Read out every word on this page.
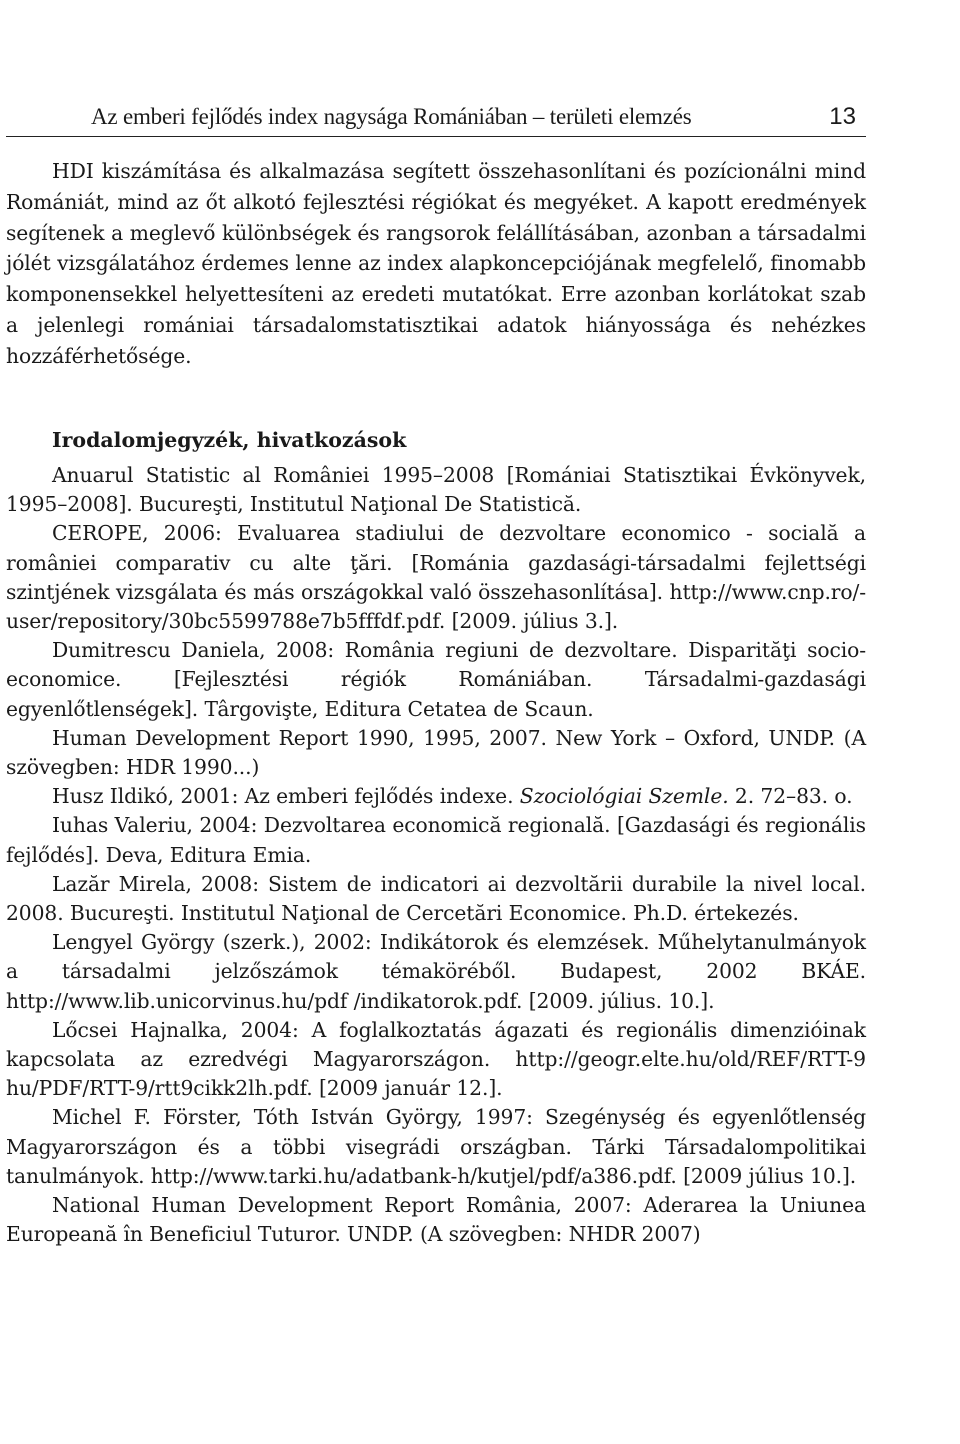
Az emberi fejlődés index nagysága Romániában – területi elemzés	13

HDI kiszámítása és alkalmazása segített összehasonlítani és pozícionálni mind Romániát, mind az őt alkotó fejlesztési régiókat és megyéket. A kapott eredmények segítenek a meglevő különbségek és rangsorok felállításában, azonban a társadalmi jólét vizsgálatához érdemes lenne az index alapkoncepciójának megfelelő, finomabb komponensekkel helyettesíteni az eredeti mutatókat. Erre azonban korlátokat szab a jelenlegi romániai társadalomstatisztikai adatok hiányossága és nehézkes hozzáférhetősége.

Irodalomjegyzék, hivatkozások

Anuarul Statistic al României 1995–2008 [Romániai Statisztikai Évkönyvek, 1995–2008]. Bucureşti, Institutul Naţional De Statistică.

CEROPE, 2006: Evaluarea stadiului de dezvoltare economico - socială a româniei comparativ cu alte ţări. [Románia gazdasági-társadalmi fejlettségi szintjének vizsgálata és más országokkal való összehasonlítása]. http://www.cnp.ro/-user/repository/30bc5599788e7b5fffdf.pdf. [2009. július 3.].

Dumitrescu Daniela, 2008: România regiuni de dezvoltare. Disparităţi socio-economice. [Fejlesztési régiók Romániában. Társadalmi-gazdasági egyenlőtlenségek]. Târgovişte, Editura Cetatea de Scaun.

Human Development Report 1990, 1995, 2007. New York – Oxford, UNDP. (A szövegben: HDR 1990...)

Husz Ildikó, 2001: Az emberi fejlődés indexe. Szociológiai Szemle. 2. 72–83. o.

Iuhas Valeriu, 2004: Dezvoltarea economică regională. [Gazdasági és regionális fejlődés]. Deva, Editura Emia.

Lazăr Mirela, 2008: Sistem de indicatori ai dezvoltării durabile la nivel local. 2008. Bucureşti. Institutul Naţional de Cercetări Economice. Ph.D. értekezés.

Lengyel György (szerk.), 2002: Indikátorok és elemzések. Műhelytanulmányok a társadalmi jelzőszámok témaköréből. Budapest, 2002 BKÁE. http://www.lib.unicorvinus.hu/pdf /indikatorok.pdf. [2009. július. 10.].

Lőcsei Hajnalka, 2004: A foglalkoztatás ágazati és regionális dimenzióinak kapcsolata az ezredvégi Magyarországon. http://geogr.elte.hu/old/REF/RTT-9 hu/PDF/RTT-9/rtt9cikk2lh.pdf. [2009 január 12.].

Michel F. Förster, Tóth István György, 1997: Szegénység és egyenlőtlenség Magyarországon és a többi visegrádi országban. Tárki Társadalompolitikai tanulmányok. http://www.tarki.hu/adatbank-h/kutjel/pdf/a386.pdf. [2009 július 10.].

National Human Development Report România, 2007: Aderarea la Uniunea Europeană în Beneficiul Tuturor. UNDP. (A szövegben: NHDR 2007)
